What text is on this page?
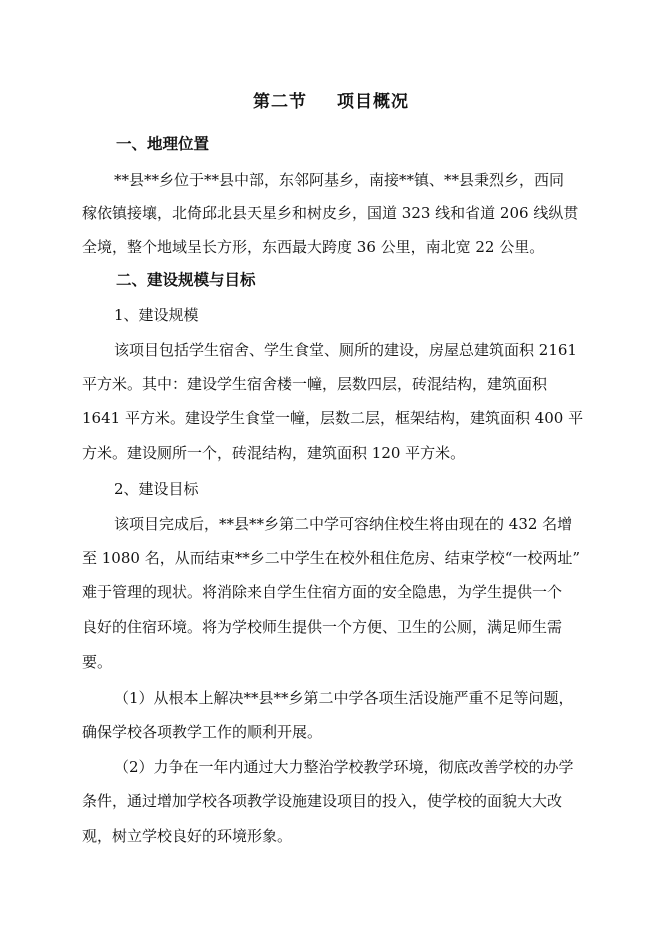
第二节 项目概况
一、地理位置
**县**乡位于**县中部，东邻阿基乡，南接**镇、**县秉烈乡，西同
稼依镇接壤，北倚邱北县天星乡和树皮乡，国道 323 线和省道 206 线纵贯
全境，整个地域呈长方形，东西最大跨度 36 公里，南北宽 22 公里。
二、建设规模与目标
1、建设规模
该项目包括学生宿舍、学生食堂、厕所的建设，房屋总建筑面积 2161
平方米。其中：建设学生宿舍楼一幢，层数四层，砖混结构，建筑面积
1641 平方米。建设学生食堂一幢，层数二层，框架结构，建筑面积 400 平
方米。建设厕所一个，砖混结构，建筑面积 120 平方米。
2、建设目标
该项目完成后，**县**乡第二中学可容纳住校生将由现在的 432 名增
至 1080 名，从而结束**乡二中学生在校外租住危房、结束学校“一校两址”
难于管理的现状。将消除来自学生住宿方面的安全隐患，为学生提供一个
良好的住宿环境。将为学校师生提供一个方便、卫生的公厕，满足师生需
要。
（1）从根本上解决**县**乡第二中学各项生活设施严重不足等问题，
确保学校各项教学工作的顺利开展。
（2）力争在一年内通过大力整治学校教学环境，彻底改善学校的办学
条件，通过增加学校各项教学设施建设项目的投入，使学校的面貌大大改
观，树立学校良好的环境形象。
